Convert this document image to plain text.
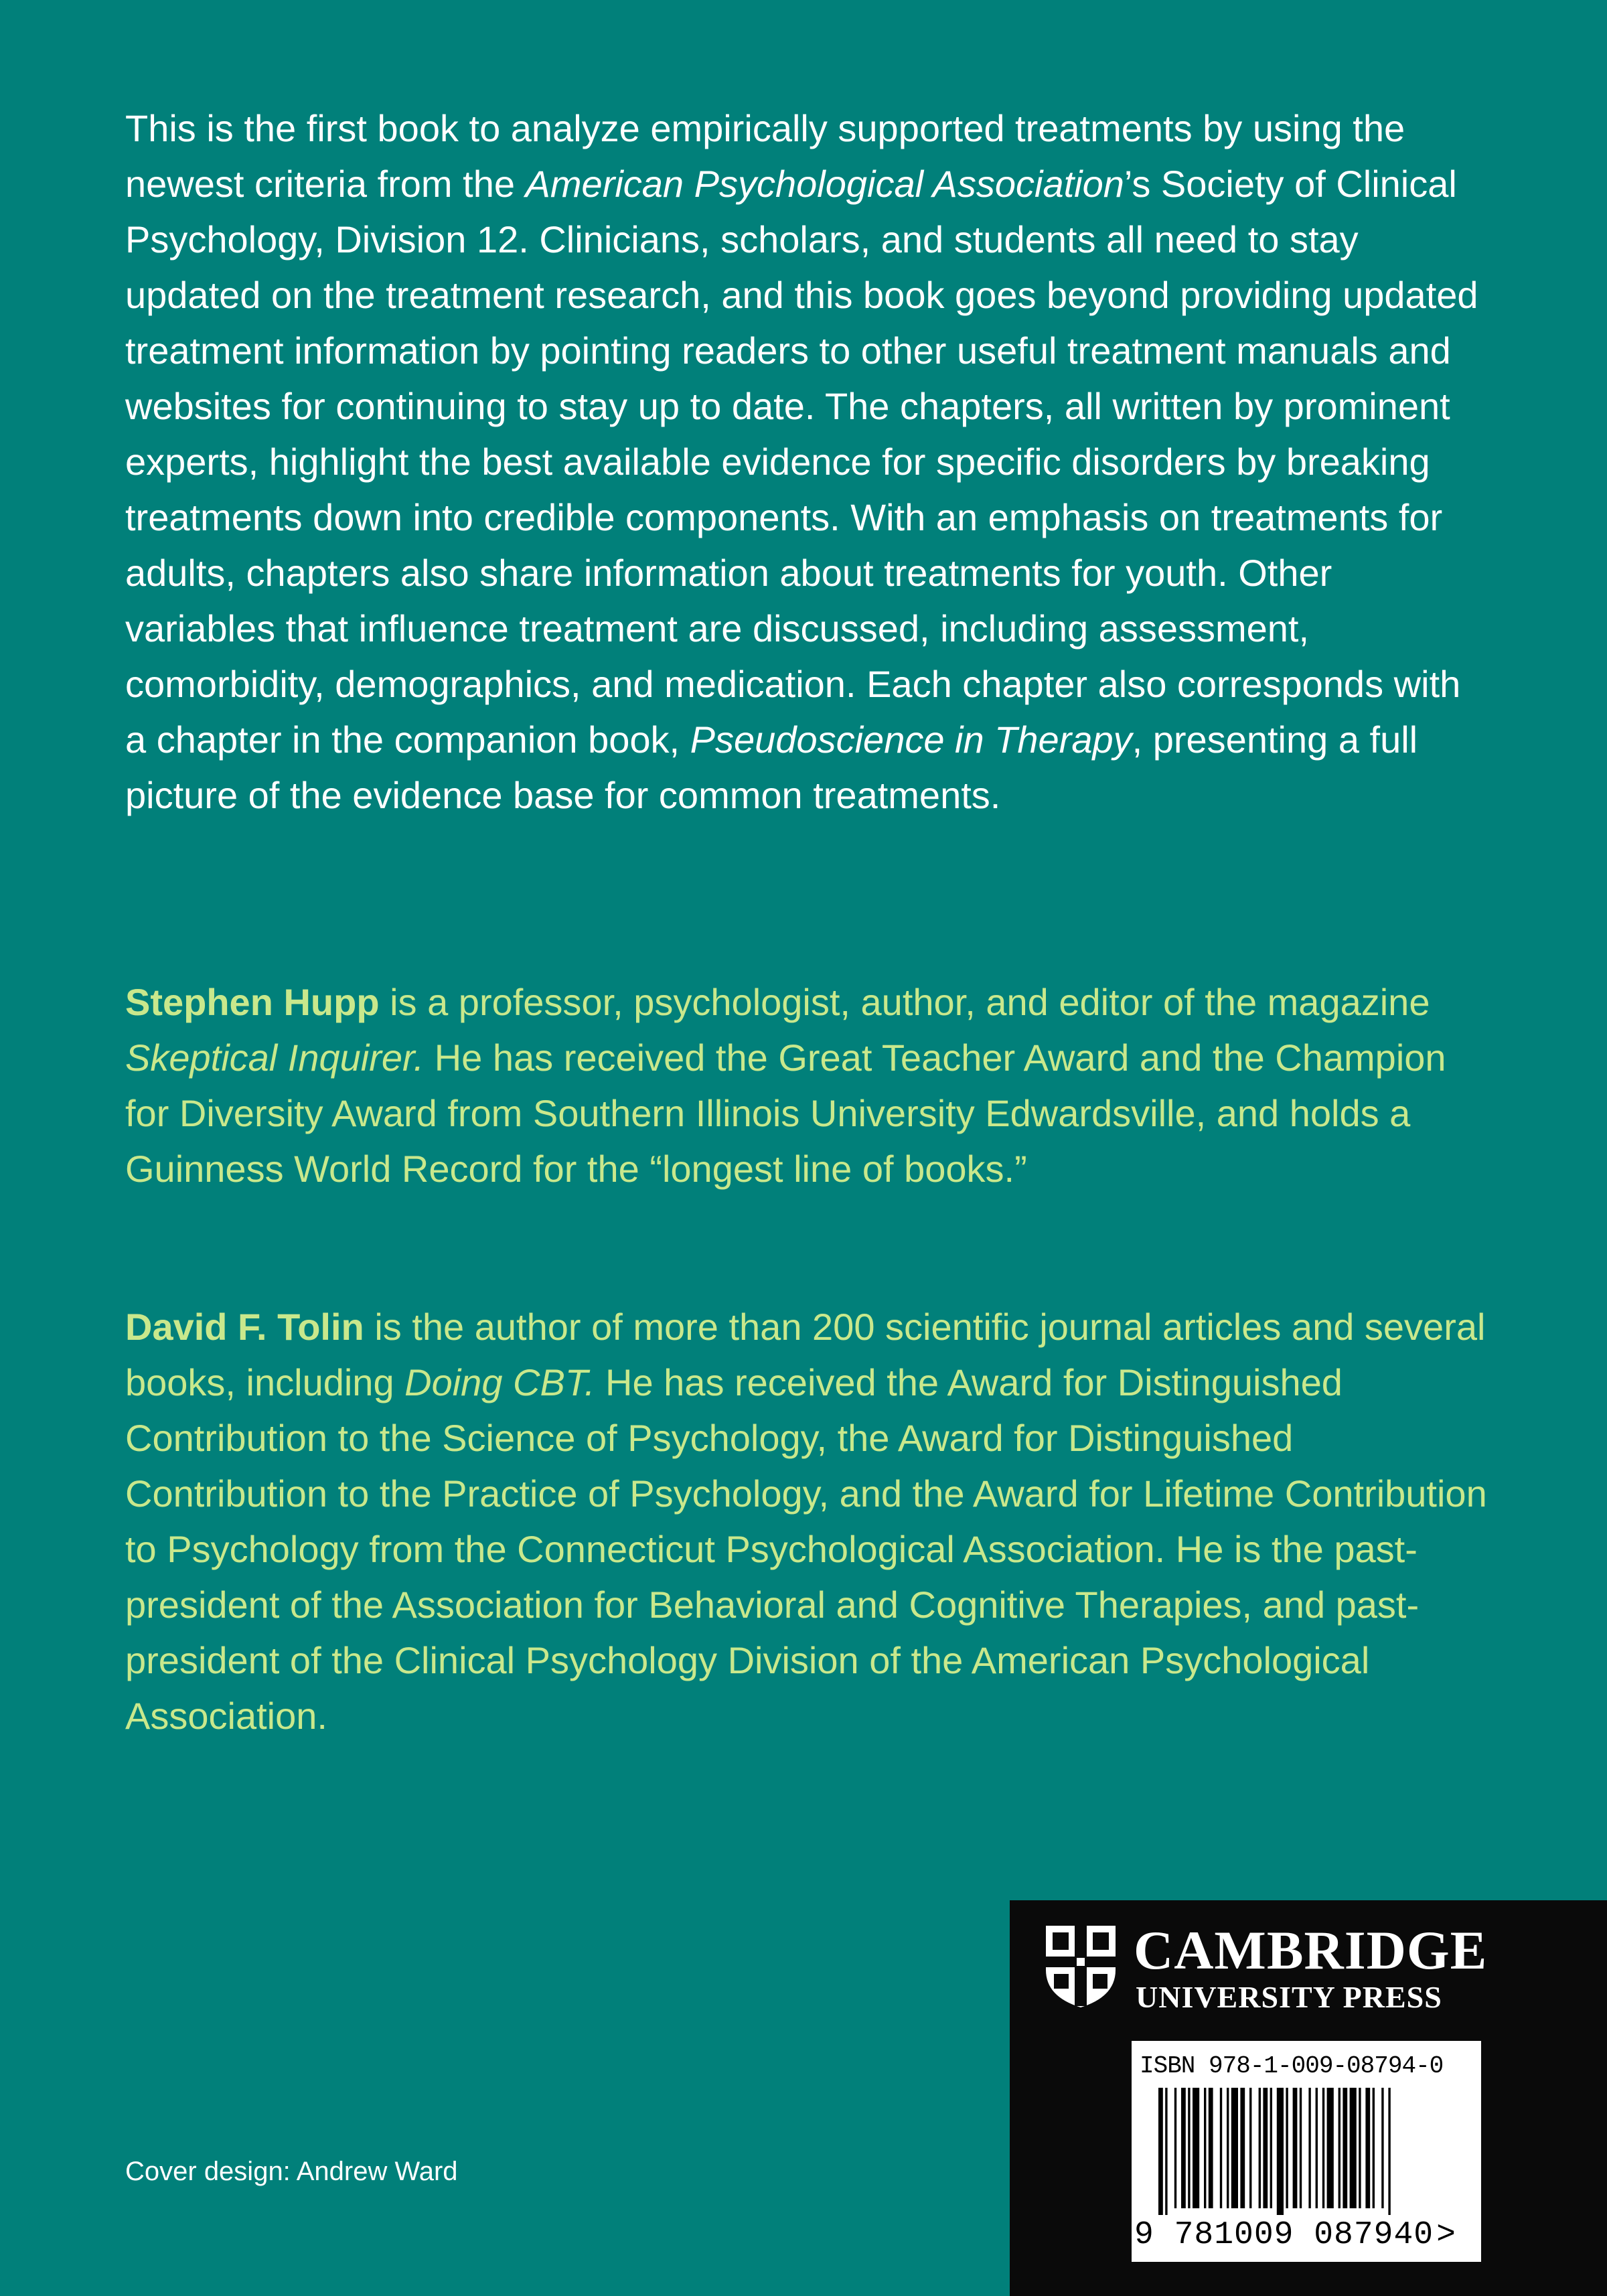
This is the first book to analyze empirically supported treatments by using the newest criteria from the American Psychological Association’s Society of Clinical Psychology, Division 12. Clinicians, scholars, and students all need to stay updated on the treatment research, and this book goes beyond providing updated treatment information by pointing readers to other useful treatment manuals and websites for continuing to stay up to date. The chapters, all written by prominent experts, highlight the best available evidence for specific disorders by breaking treatments down into credible components. With an emphasis on treatments for adults, chapters also share information about treatments for youth. Other variables that influence treatment are discussed, including assessment, comorbidity, demographics, and medication. Each chapter also corresponds with a chapter in the companion book, Pseudoscience in Therapy, presenting a full picture of the evidence base for common treatments.

Stephen Hupp is a professor, psychologist, author, and editor of the magazine Skeptical Inquirer. He has received the Great Teacher Award and the Champion for Diversity Award from Southern Illinois University Edwardsville, and holds a Guinness World Record for the “longest line of books.”

David F. Tolin is the author of more than 200 scientific journal articles and several books, including Doing CBT. He has received the Award for Distinguished Contribution to the Science of Psychology, the Award for Distinguished Contribution to the Practice of Psychology, and the Award for Lifetime Contribution to Psychology from the Connecticut Psychological Association. He is the past-president of the Association for Behavioral and Cognitive Therapies, and past-president of the Clinical Psychology Division of the American Psychological Association.

Cover design: Andrew Ward
CAMBRIDGE
UNIVERSITY PRESS
ISBN 978-1-009-08794-0
9 781009 087940>
